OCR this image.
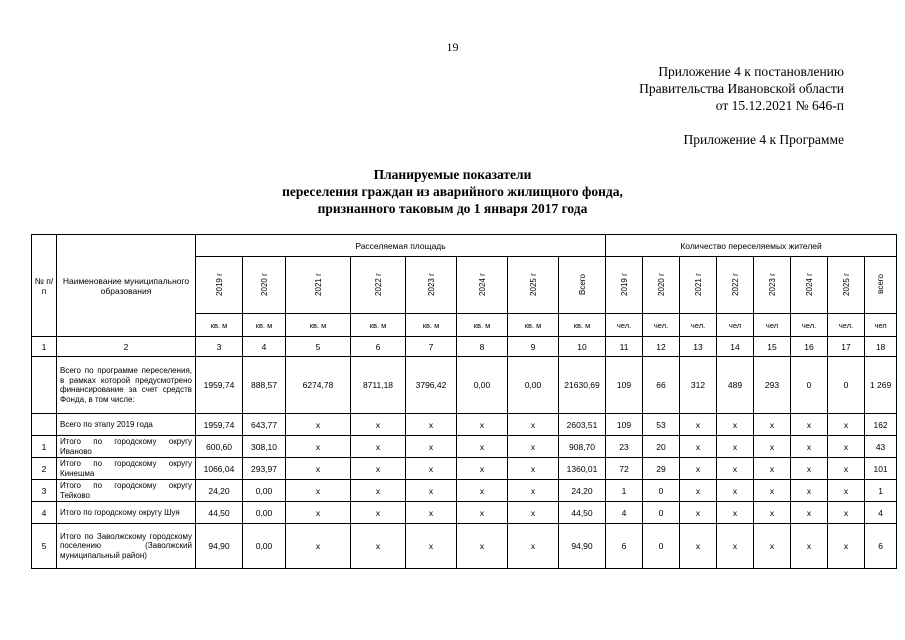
19
Приложение 4 к постановлению
Правительства Ивановской области
от 15.12.2021 № 646-п
Приложение 4 к Программе
Планируемые показатели
переселения граждан из аварийного жилищного фонда,
признанного таковым до 1 января 2017 года
№ п/п	Наименование муниципального образования	Расселяемая площадь								Количество переселяемых жителей							
		2019 г	2020 г	2021 г	2022 г	2023 г	2024 г	2025 г	Всего	2019 г	2020 г	2021 г	2022 г	2023 г	2024 г	2025 г	всего
		кв. м	кв. м	кв. м	кв. м	кв. м	кв. м	кв. м	кв. м	чел.	чел.	чел.	чел	чел	чел.	чел.	чел
1	2	3	4	5	6	7	8	9	10	11	12	13	14	15	16	17	18
	Всего по программе переселения, в рамках которой предусмотрено финансирование за счет средств Фонда, в том числе:	1959,74	888,57	6274,78	8711,18	3796,42	0,00	0,00	21630,69	109	66	312	489	293	0	0	1 269
	Всего по этапу 2019 года	1959,74	643,77	х	х	х	х	х	2603,51	109	53	х	х	х	х	х	162
1	Итого по городскому округу Иваново	600,60	308,10	х	х	х	х	х	908,70	23	20	х	х	х	х	х	43
2	Итого по городскому округу Кинешма	1066,04	293,97	х	х	х	х	х	1360,01	72	29	х	х	х	х	х	101
3	Итого по городскому округу Тейково	24,20	0,00	х	х	х	х	х	24,20	1	0	х	х	х	х	х	1
4	Итого по городскому округу Шуя	44,50	0,00	х	х	х	х	х	44,50	4	0	х	х	х	х	х	4
5	Итого по Заволжскому городскому поселению (Заволжский муниципальный район)	94,90	0,00	х	х	х	х	х	94,90	6	0	х	х	х	х	х	6
